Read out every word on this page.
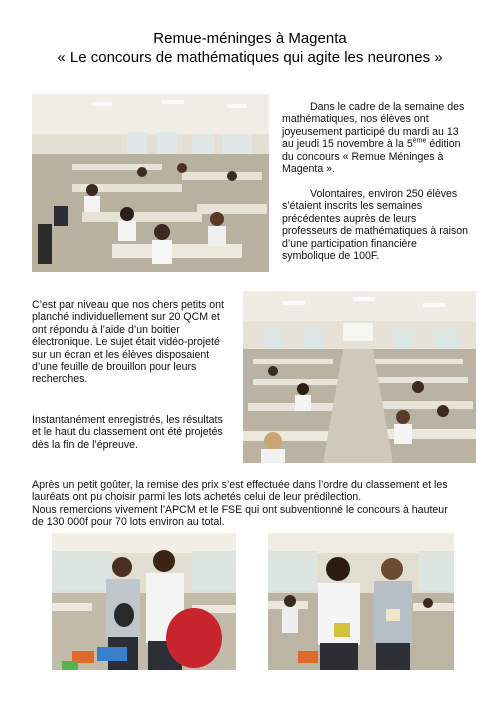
Remue-méninges à Magenta
« Le concours de mathématiques qui agite les neurones »
Dans le cadre de la semaine des mathématiques, nos élèves ont joyeusement participé du mardi au 13 au jeudi 15 novembre à la 5ème édition du concours « Remue Méninges à Magenta ».
Volontaires, environ 250 élèves s’étaient inscrits les semaines précédentes auprès de leurs professeurs de mathématiques à raison d’une participation financière symbolique de 100F.
C’est par niveau que nos chers petits ont planché individuellement sur 20 QCM et ont répondu à l’aide d’un boitier électronique. Le sujet était vidéo-projeté sur un écran et les élèves disposaient d’une feuille de brouillon pour leurs recherches.
Instantanément enregistrés, les résultats et le haut du classement ont été projetés dès la fin de l’épreuve.
Après un petit goûter, la remise des prix s’est effectuée dans l’ordre du classement et les lauréats ont pu choisir parmi les lots achetés celui de leur prédilection.
Nous remercions vivement l’APCM et le FSE qui ont subventionné le concours à hauteur de 130 000f pour 70 lots environ au total.
